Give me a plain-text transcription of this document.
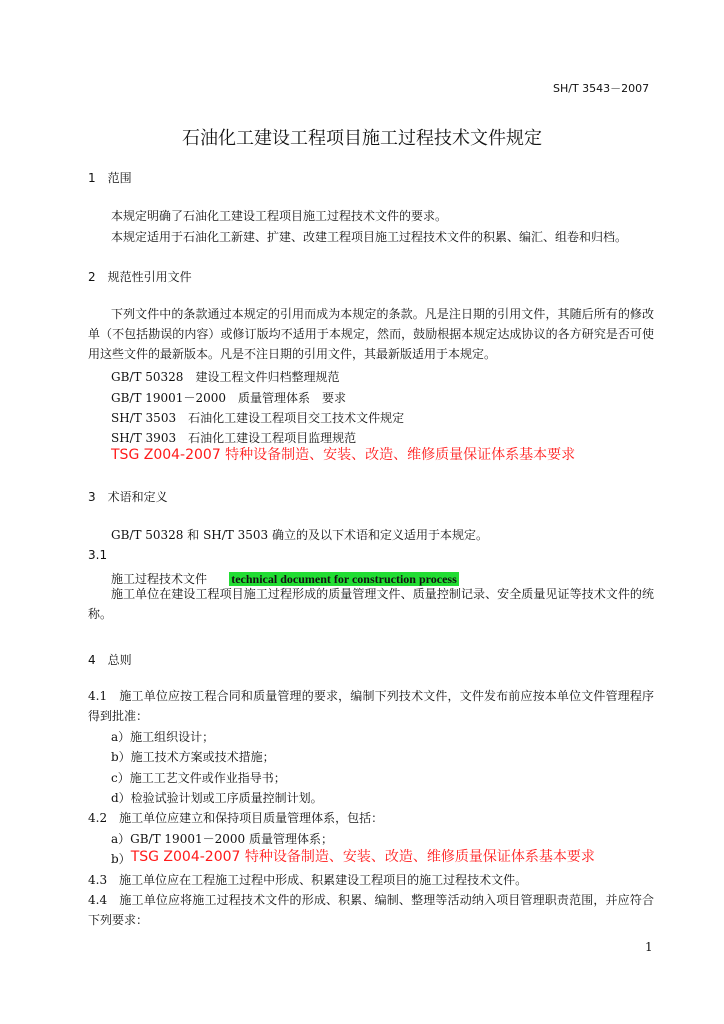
SH/T 3543－2007
石油化工建设工程项目施工过程技术文件规定
1　范围
本规定明确了石油化工建设工程项目施工过程技术文件的要求。
本规定适用于石油化工新建、扩建、改建工程项目施工过程技术文件的积累、编汇、组卷和归档。
2　规范性引用文件
下列文件中的条款通过本规定的引用而成为本规定的条款。凡是注日期的引用文件，其随后所有的修改单（不包括勘误的内容）或修订版均不适用于本规定，然而，鼓励根据本规定达成协议的各方研究是否可使用这些文件的最新版本。凡是不注日期的引用文件，其最新版适用于本规定。
GB/T 50328　建设工程文件归档整理规范
GB/T 19001－2000　质量管理体系　要求
SH/T 3503　石油化工建设工程项目交工技术文件规定
SH/T 3903　石油化工建设工程项目监理规范
TSG Z004-2007 特种设备制造、安装、改造、维修质量保证体系基本要求
3　术语和定义
GB/T 50328 和 SH/T 3503 确立的及以下术语和定义适用于本规定。
3.1
施工过程技术文件 technical document for construction process
施工单位在建设工程项目施工过程形成的质量管理文件、质量控制记录、安全质量见证等技术文件的统称。
4　总则
4.1　施工单位应按工程合同和质量管理的要求，编制下列技术文件，文件发布前应按本单位文件管理程序得到批准：
a）施工组织设计；
b）施工技术方案或技术措施；
c）施工工艺文件或作业指导书；
d）检验试验计划或工序质量控制计划。
4.2　施工单位应建立和保持项目质量管理体系，包括：
a）GB/T 19001－2000 质量管理体系；
b）TSG Z004-2007 特种设备制造、安装、改造、维修质量保证体系基本要求
4.3　施工单位应在工程施工过程中形成、积累建设工程项目的施工过程技术文件。
4.4　施工单位应将施工过程技术文件的形成、积累、编制、整理等活动纳入项目管理职责范围，并应符合下列要求：
1
